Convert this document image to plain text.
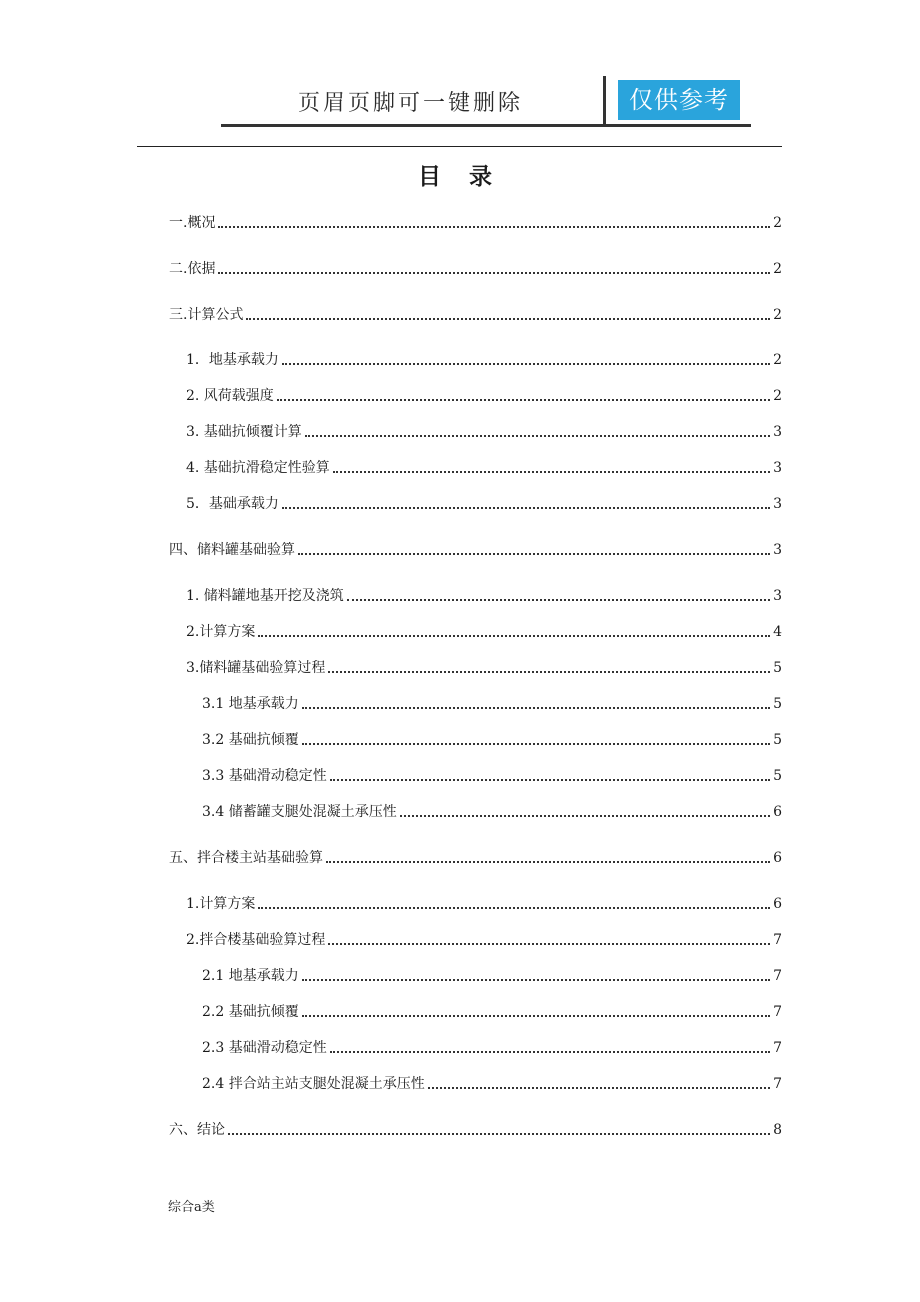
页眉页脚可一键删除	仅供参考
目 录
一.概况	2
二.依据	2
三.计算公式	2
1．地基承载力	2
2. 风荷载强度	2
3. 基础抗倾覆计算	3
4. 基础抗滑稳定性验算	3
5．基础承载力	3
四、储料罐基础验算	3
1. 储料罐地基开挖及浇筑	3
2.计算方案	4
3.储料罐基础验算过程	5
3.1 地基承载力	5
3.2 基础抗倾覆	5
3.3 基础滑动稳定性	5
3.4 储蓄罐支腿处混凝土承压性	6
五、拌合楼主站基础验算	6
1.计算方案	6
2.拌合楼基础验算过程	7
2.1 地基承载力	7
2.2 基础抗倾覆	7
2.3 基础滑动稳定性	7
2.4 拌合站主站支腿处混凝土承压性	7
六、结论	8
综合a类
